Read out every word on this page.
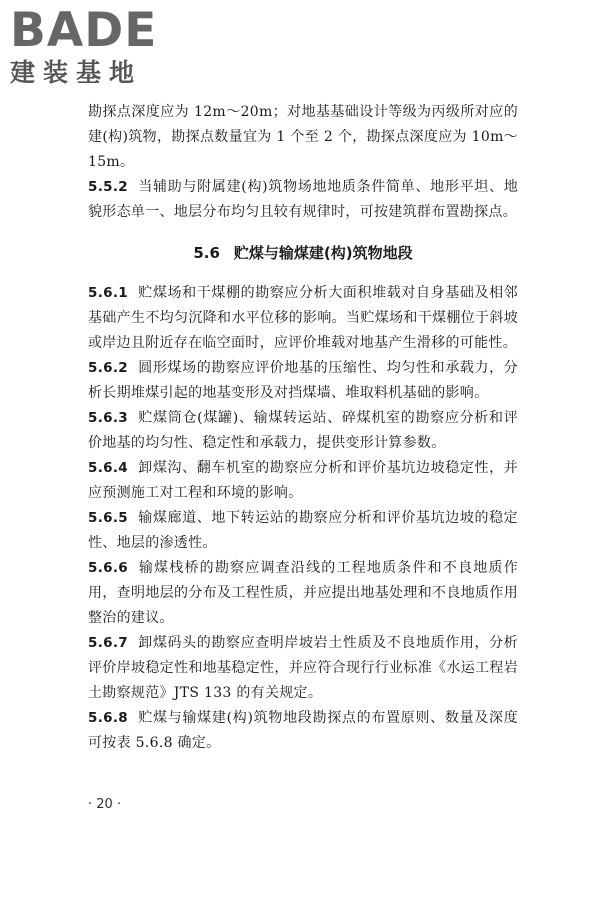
BADE
建装基地

勘探点深度应为 12m～20m；对地基基础设计等级为丙级所对应的建(构)筑物，勘探点数量宜为 1 个至 2 个，勘探点深度应为 10m～15m。

5.5.2 当辅助与附属建(构)筑物场地地质条件简单、地形平坦、地貌形态单一、地层分布均匀且较有规律时，可按建筑群布置勘探点。

5.6 贮煤与输煤建(构)筑物地段

5.6.1 贮煤场和干煤棚的勘察应分析大面积堆载对自身基础及相邻基础产生不均匀沉降和水平位移的影响。当贮煤场和干煤棚位于斜坡或岸边且附近存在临空面时，应评价堆载对地基产生滑移的可能性。

5.6.2 圆形煤场的勘察应评价地基的压缩性、均匀性和承载力，分析长期堆煤引起的地基变形及对挡煤墙、堆取料机基础的影响。

5.6.3 贮煤筒仓(煤罐)、输煤转运站、碎煤机室的勘察应分析和评价地基的均匀性、稳定性和承载力，提供变形计算参数。

5.6.4 卸煤沟、翻车机室的勘察应分析和评价基坑边坡稳定性，并应预测施工对工程和环境的影响。

5.6.5 输煤廊道、地下转运站的勘察应分析和评价基坑边坡的稳定性、地层的渗透性。

5.6.6 输煤栈桥的勘察应调查沿线的工程地质条件和不良地质作用，查明地层的分布及工程性质，并应提出地基处理和不良地质作用整治的建议。

5.6.7 卸煤码头的勘察应查明岸坡岩土性质及不良地质作用，分析评价岸坡稳定性和地基稳定性，并应符合现行行业标准《水运工程岩土勘察规范》JTS 133 的有关规定。

5.6.8 贮煤与输煤建(构)筑物地段勘探点的布置原则、数量及深度可按表 5.6.8 确定。

· 20 ·
